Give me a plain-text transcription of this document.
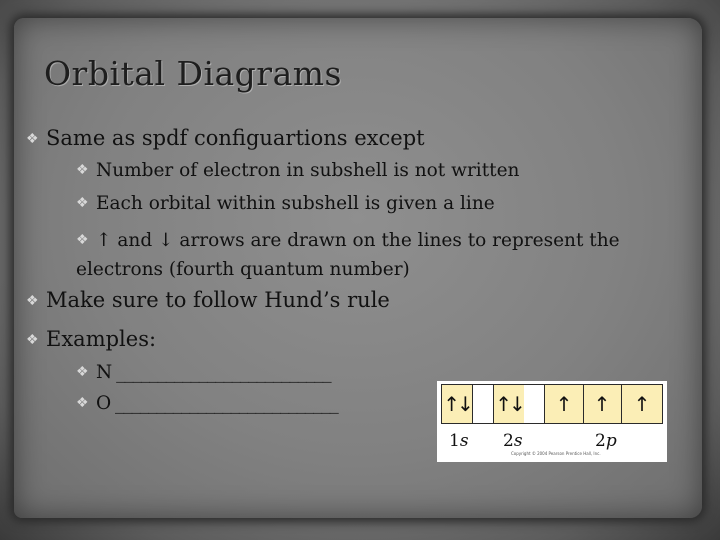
Orbital Diagrams
❖ Same as spdf configuartions except
❖ Number of electron in subshell is not written
❖ Each orbital within subshell is given a line
❖ ↑ and ↓ arrows are drawn on the lines to represent the electrons (fourth quantum number)
❖ Make sure to follow Hund’s rule
❖ Examples:
❖ N __________________________
❖ O ___________________________	↑↓ ↑↓ ↑ ↑ ↑
1s 2s	2p
Copyright © 2004 Pearson Prentice Hall, Inc.
